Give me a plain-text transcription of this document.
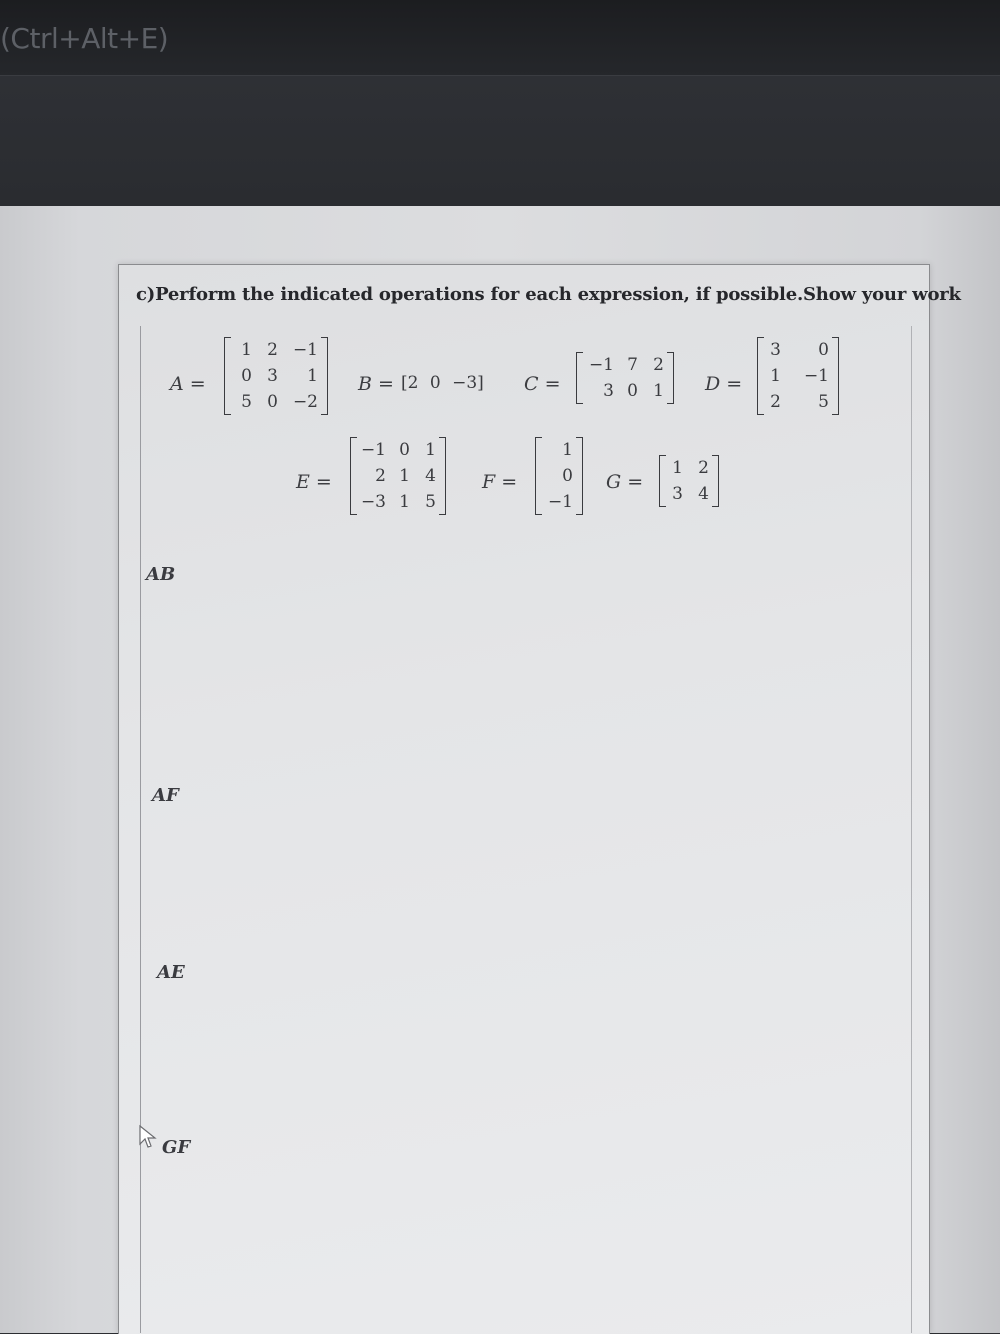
(Ctrl+Alt+E)
c)Perform the indicated operations for each expression, if possible.Show your work
A =
1 2 −1
0 3	1
5 0 −2
B = [2 0 −3] C =
−1 7 2
3 0 1 D =
3	0
1	−1
2	5
E =
−1 0 1
2 1 4
−3 1 5
F =
1
0
−1
G =
1 2
3 4
AB
AF
AE
GF
